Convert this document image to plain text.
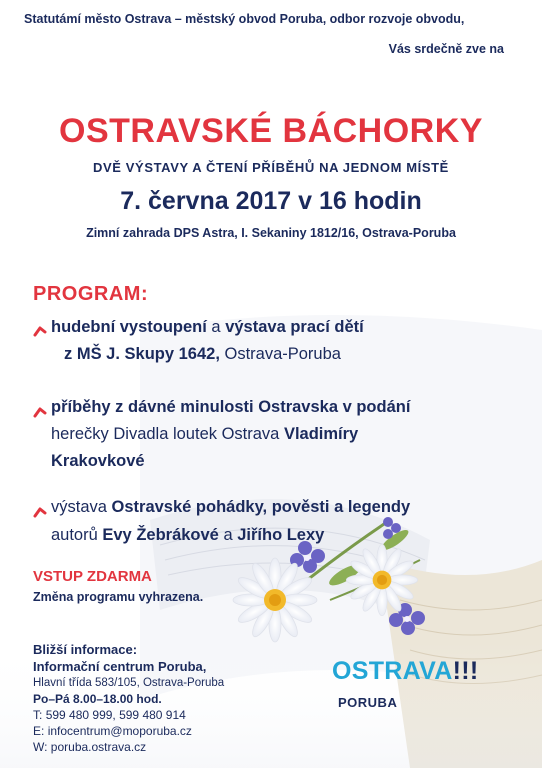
Statutámí město Ostrava – městský obvod Poruba, odbor rozvoje obvodu,
Vás srdečně zve na
OSTRAVSKÉ BÁCHORKY
DVĚ VÝSTAVY A ČTENÍ PŘÍBĚHŮ NA JEDNOM MÍSTĚ
7. června 2017 v 16 hodin
Zimní zahrada DPS Astra, I. Sekaniny 1812/16, Ostrava-Poruba
PROGRAM:
hudební vystoupení a výstava prací dětí
z MŠ J. Skupy 1642, Ostrava-Poruba
příběhy z dávné minulosti Ostravska v podání
herečky Divadla loutek Ostrava Vladimíry
Krakovkové
výstava Ostravské pohádky, pověsti a legendy
autorů Evy Žebrákové a Jiřího Lexy
VSTUP ZDARMA
Změna programu vyhrazena.
Bližší informace:
Informační centrum Poruba,
Hlavní třída 583/105, Ostrava-Poruba
Po–Pá 8.00–18.00 hod.
T: 599 480 999, 599 480 914
E: infocentrum@moporuba.cz
W: poruba.ostrava.cz
OSTRAVA!!!
PORUBA
